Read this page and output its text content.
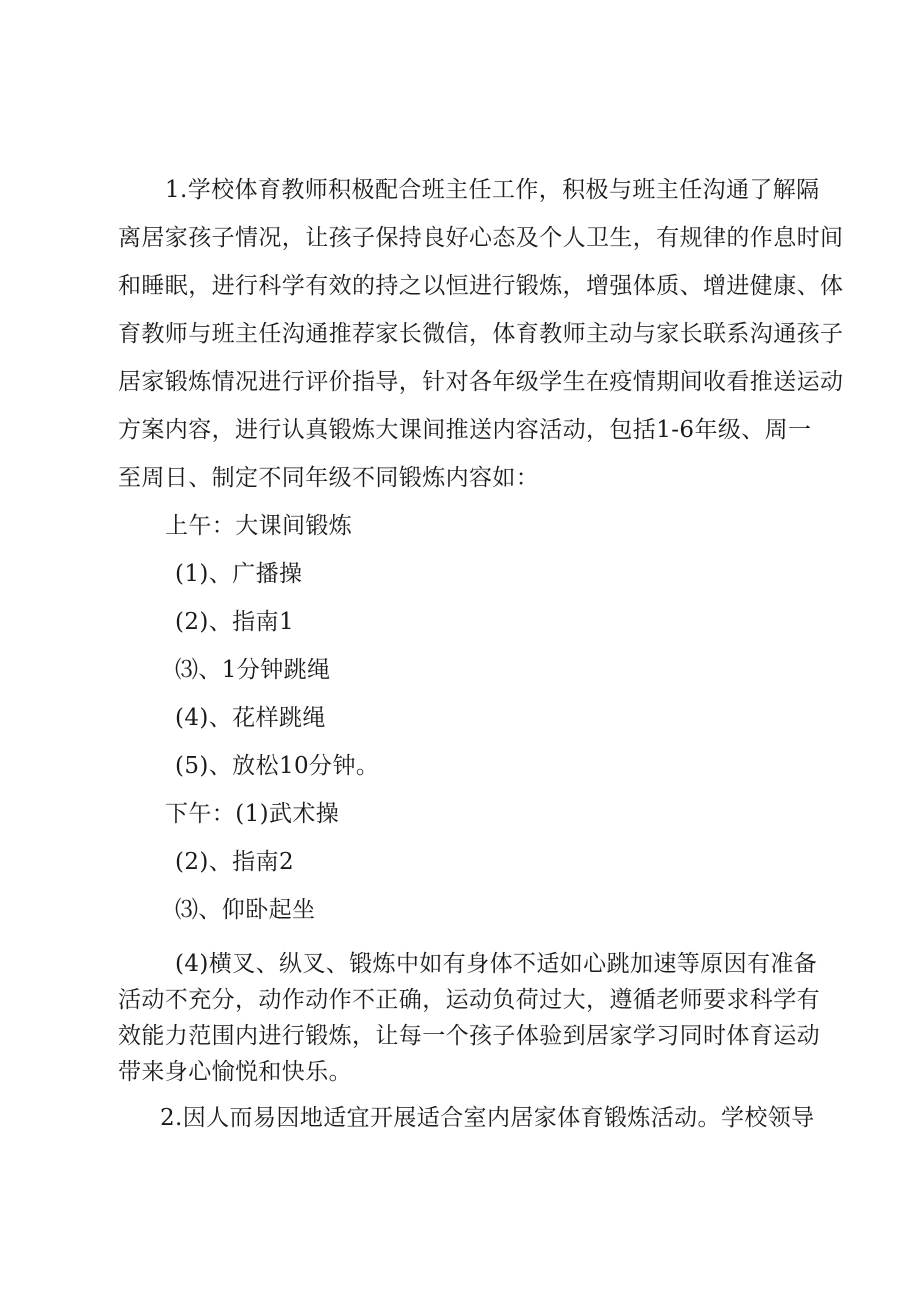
1.学校体育教师积极配合班主任工作，积极与班主任沟通了解隔
离居家孩子情况，让孩子保持良好心态及个人卫生，有规律的作息时间
和睡眠，进行科学有效的持之以恒进行锻炼，增强体质、增进健康、体
育教师与班主任沟通推荐家长微信，体育教师主动与家长联系沟通孩子
居家锻炼情况进行评价指导，针对各年级学生在疫情期间收看推送运动
方案内容，进行认真锻炼大课间推送内容活动，包括1-6年级、周一
至周日、制定不同年级不同锻炼内容如：
上午：大课间锻炼
(1)、广播操
(2)、指南1
⑶、1分钟跳绳
(4)、花样跳绳
(5)、放松10分钟。
下午：(1)武术操
(2)、指南2
⑶、仰卧起坐
(4)横叉、纵叉、锻炼中如有身体不适如心跳加速等原因有准备
活动不充分，动作动作不正确，运动负荷过大，遵循老师要求科学有
效能力范围内进行锻炼，让每一个孩子体验到居家学习同时体育运动
带来身心愉悦和快乐。
2.因人而易因地适宜开展适合室内居家体育锻炼活动。学校领导
